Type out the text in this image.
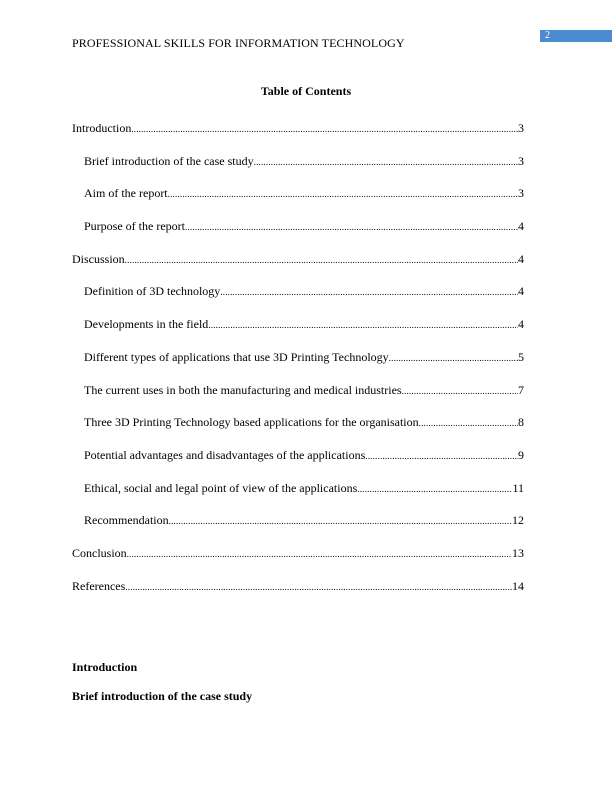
PROFESSIONAL SKILLS FOR INFORMATION TECHNOLOGY
2
Table of Contents
Introduction .....	3
Brief introduction of the case study .....	3
Aim of the report .....	3
Purpose of the report .....	4
Discussion .....	4
Definition of 3D technology .....	4
Developments in the field .....	4
Different types of applications that use 3D Printing Technology .....	5
The current uses in both the manufacturing and medical industries .....	7
Three 3D Printing Technology based applications for the organisation .....	8
Potential advantages and disadvantages of the applications .....	9
Ethical, social and legal point of view of the applications .....	11
Recommendation .....	12
Conclusion .....	13
References .....	14
Introduction
Brief introduction of the case study
